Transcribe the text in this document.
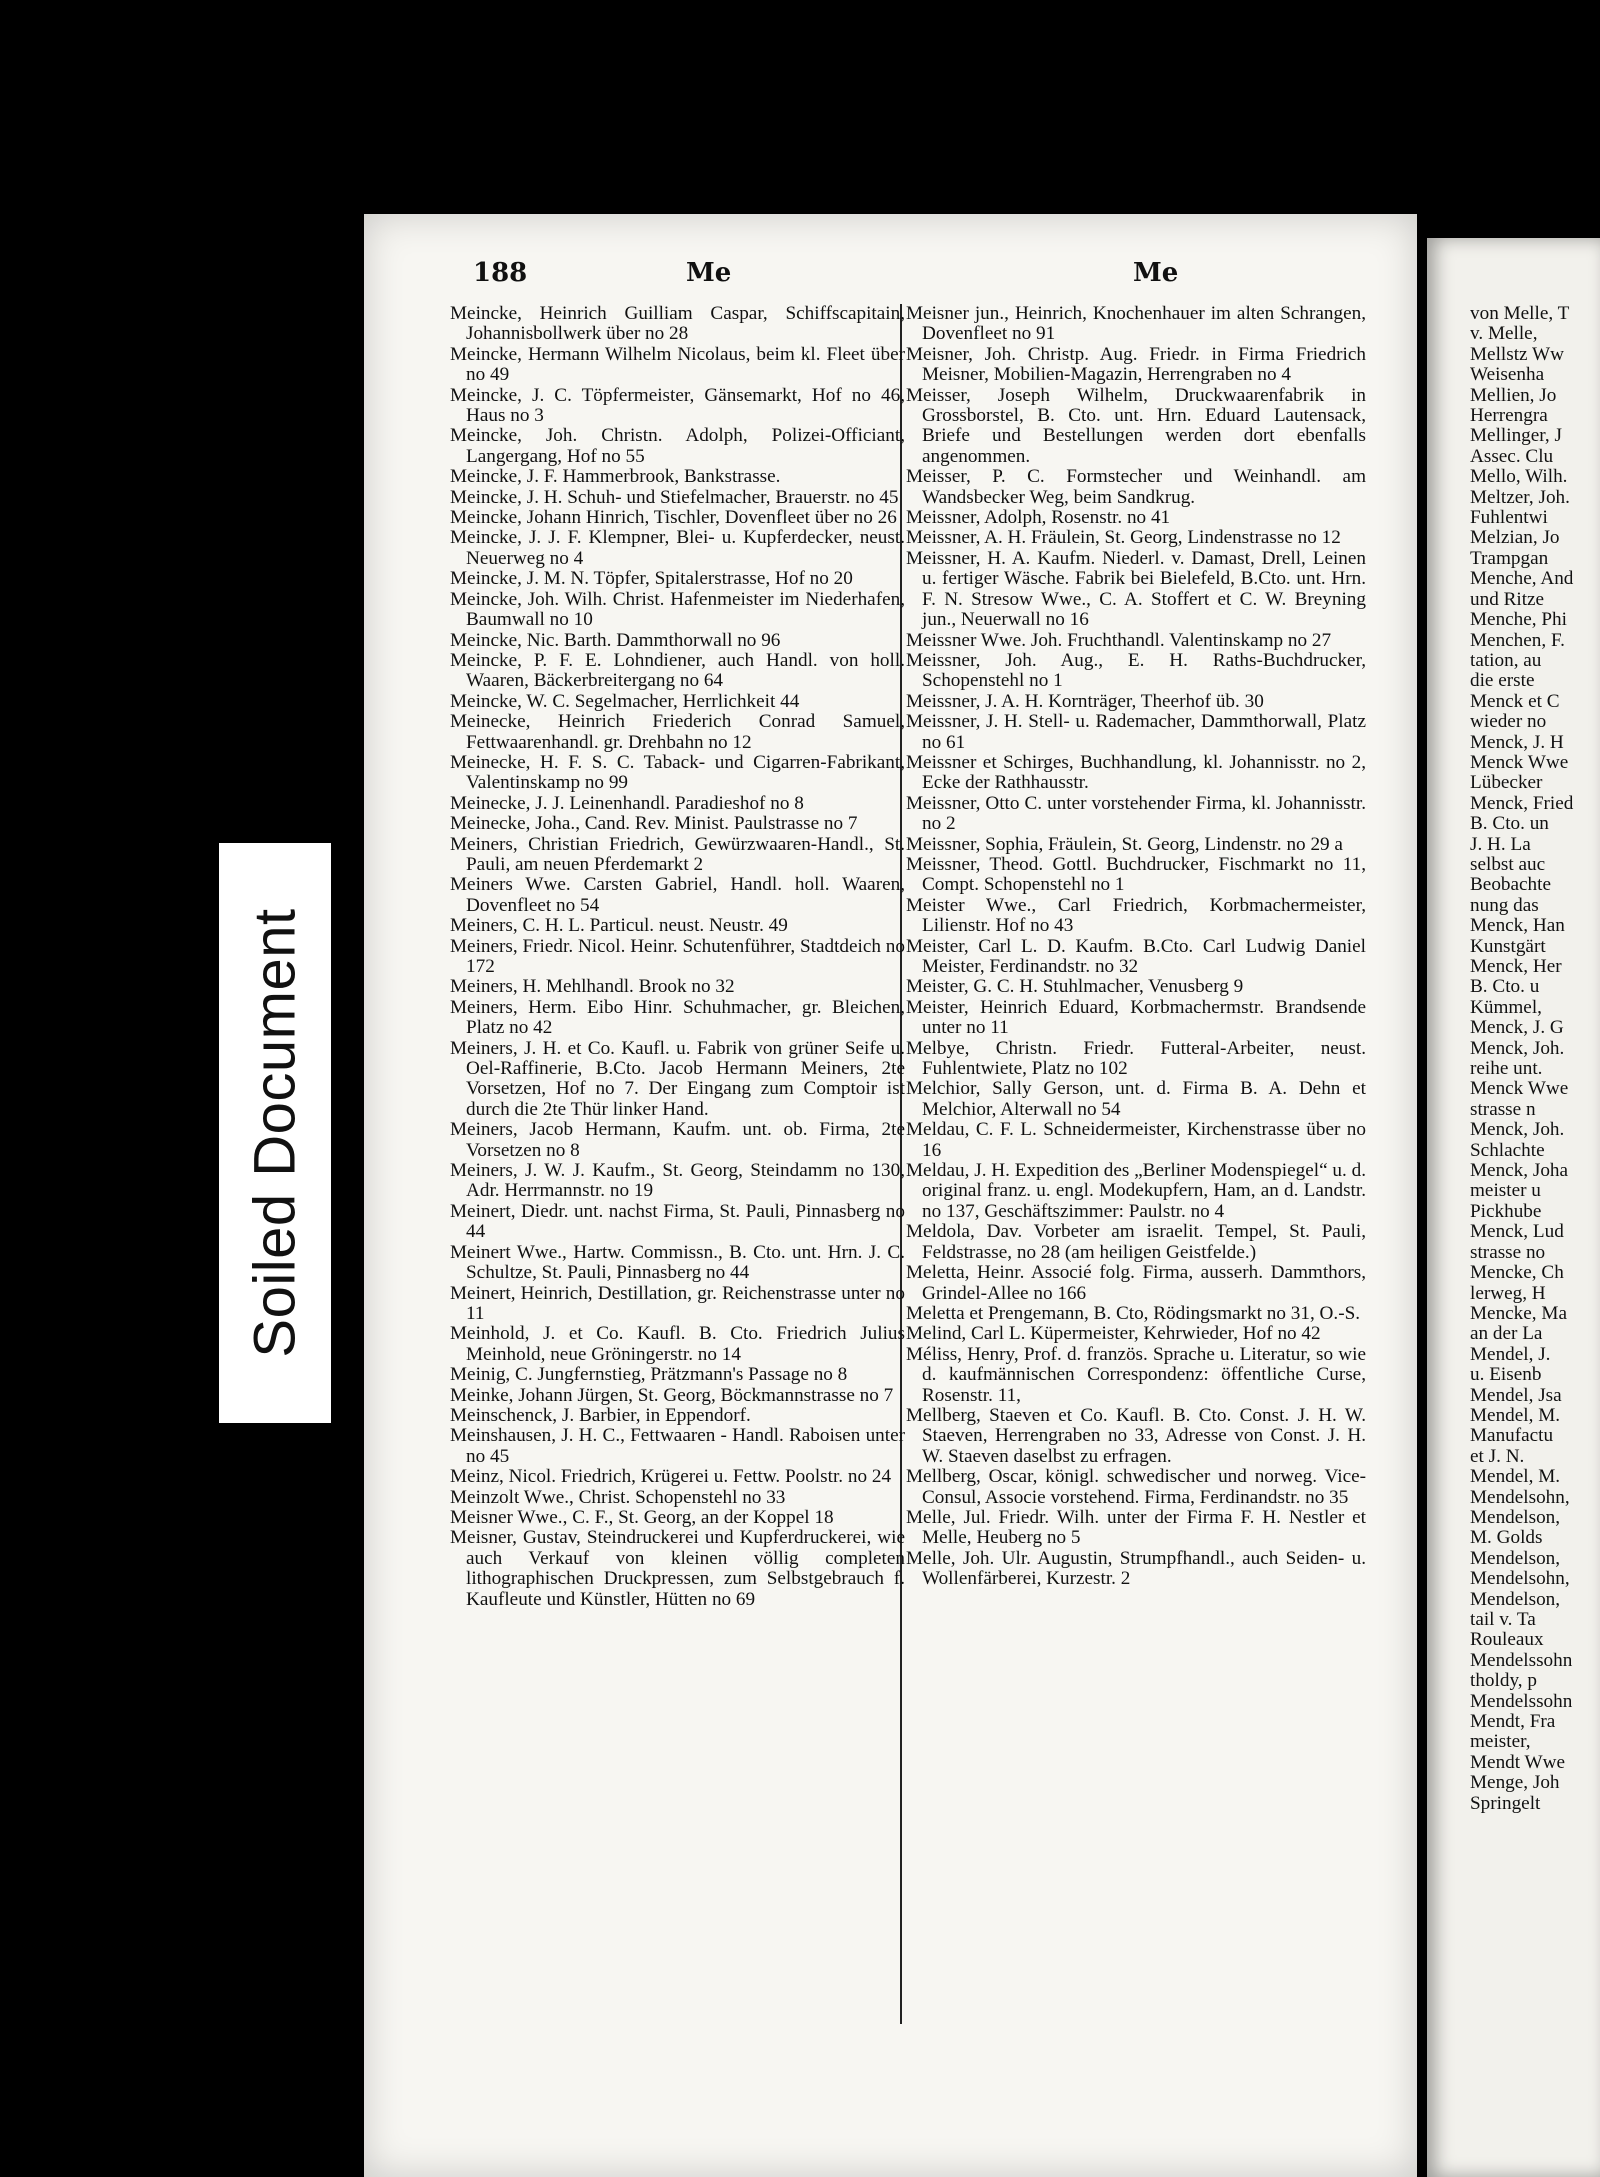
Soiled Document
188	Me	Me

Meincke, Heinrich Guilliam Caspar, Schiffscapitain, Johannisbollwerk über no 28

Meincke, Hermann Wilhelm Nicolaus, beim kl. Fleet über no 49

Meincke, J. C. Töpfermeister, Gänsemarkt, Hof no 46, Haus no 3

Meincke, Joh. Christn. Adolph, Polizei-Officiant, Langergang, Hof no 55

Meincke, J. F. Hammerbrook, Bankstrasse.

Meincke, J. H. Schuh- und Stiefelmacher, Brauerstr. no 45

Meincke, Johann Hinrich, Tischler, Dovenfleet über no 26

Meincke, J. J. F. Klempner, Blei- u. Kupferdecker, neust. Neuerweg no 4

Meincke, J. M. N. Töpfer, Spitalerstrasse, Hof no 20

Meincke, Joh. Wilh. Christ. Hafenmeister im Niederhafen, Baumwall no 10

Meincke, Nic. Barth. Dammthorwall no 96

Meincke, P. F. E. Lohndiener, auch Handl. von holl. Waaren, Bäckerbreitergang no 64

Meincke, W. C. Segelmacher, Herrlichkeit 44

Meinecke, Heinrich Friederich Conrad Samuel, Fettwaarenhandl. gr. Drehbahn no 12

Meinecke, H. F. S. C. Taback- und Cigarren-Fabrikant, Valentinskamp no 99

Meinecke, J. J. Leinenhandl. Paradieshof no 8

Meinecke, Joha., Cand. Rev. Minist. Paulstrasse no 7

Meiners, Christian Friedrich, Gewürzwaaren-Handl., St. Pauli, am neuen Pferdemarkt 2

Meiners Wwe. Carsten Gabriel, Handl. holl. Waaren, Dovenfleet no 54

Meiners, C. H. L. Particul. neust. Neustr. 49

Meiners, Friedr. Nicol. Heinr. Schutenführer, Stadtdeich no 172

Meiners, H. Mehlhandl. Brook no 32

Meiners, Herm. Eibo Hinr. Schuhmacher, gr. Bleichen, Platz no 42

Meiners, J. H. et Co. Kaufl. u. Fabrik von grüner Seife u. Oel-Raffinerie, B.Cto. Jacob Hermann Meiners, 2te Vorsetzen, Hof no 7. Der Eingang zum Comptoir ist durch die 2te Thür linker Hand.

Meiners, Jacob Hermann, Kaufm. unt. ob. Firma, 2te Vorsetzen no 8

Meiners, J. W. J. Kaufm., St. Georg, Steindamm no 130, Adr. Herrmannstr. no 19

Meinert, Diedr. unt. nachst Firma, St. Pauli, Pinnasberg no 44

Meinert Wwe., Hartw. Commissn., B. Cto. unt. Hrn. J. C. Schultze, St. Pauli, Pinnasberg no 44

Meinert, Heinrich, Destillation, gr. Reichenstrasse unter no 11

Meinhold, J. et Co. Kaufl. B. Cto. Friedrich Julius Meinhold, neue Gröningerstr. no 14

Meinig, C. Jungfernstieg, Prätzmann's Passage no 8

Meinke, Johann Jürgen, St. Georg, Böckmannstrasse no 7

Meinschenck, J. Barbier, in Eppendorf.

Meinshausen, J. H. C., Fettwaaren - Handl. Raboisen unter no 45

Meinz, Nicol. Friedrich, Krügerei u. Fettw. Poolstr. no 24

Meinzolt Wwe., Christ. Schopenstehl no 33

Meisner Wwe., C. F., St. Georg, an der Koppel 18

Meisner, Gustav, Steindruckerei und Kupferdruckerei, wie auch Verkauf von kleinen völlig completen lithographischen Druckpressen, zum Selbstgebrauch f. Kaufleute und Künstler, Hütten no 69

Meisner jun., Heinrich, Knochenhauer im alten Schrangen, Dovenfleet no 91

Meisner, Joh. Christp. Aug. Friedr. in Firma Friedrich Meisner, Mobilien-Magazin, Herrengraben no 4

Meisser, Joseph Wilhelm, Druckwaarenfabrik in Grossborstel, B. Cto. unt. Hrn. Eduard Lautensack, Briefe und Bestellungen werden dort ebenfalls angenommen.

Meisser, P. C. Formstecher und Weinhandl. am Wandsbecker Weg, beim Sandkrug.

Meissner, Adolph, Rosenstr. no 41

Meissner, A. H. Fräulein, St. Georg, Lindenstrasse no 12

Meissner, H. A. Kaufm. Niederl. v. Damast, Drell, Leinen u. fertiger Wäsche. Fabrik bei Bielefeld, B.Cto. unt. Hrn. F. N. Stresow Wwe., C. A. Stoffert et C. W. Breyning jun., Neuerwall no 16

Meissner Wwe. Joh. Fruchthandl. Valentinskamp no 27

Meissner, Joh. Aug., E. H. Raths-Buchdrucker, Schopenstehl no 1

Meissner, J. A. H. Kornträger, Theerhof üb. 30

Meissner, J. H. Stell- u. Rademacher, Dammthorwall, Platz no 61

Meissner et Schirges, Buchhandlung, kl. Johannisstr. no 2, Ecke der Rathhausstr.

Meissner, Otto C. unter vorstehender Firma, kl. Johannisstr. no 2

Meissner, Sophia, Fräulein, St. Georg, Lindenstr. no 29 a

Meissner, Theod. Gottl. Buchdrucker, Fischmarkt no 11, Compt. Schopenstehl no 1

Meister Wwe., Carl Friedrich, Korbmachermeister, Lilienstr. Hof no 43

Meister, Carl L. D. Kaufm. B.Cto. Carl Ludwig Daniel Meister, Ferdinandstr. no 32

Meister, G. C. H. Stuhlmacher, Venusberg 9

Meister, Heinrich Eduard, Korbmachermstr. Brandsende unter no 11

Melbye, Christn. Friedr. Futteral-Arbeiter, neust. Fuhlentwiete, Platz no 102

Melchior, Sally Gerson, unt. d. Firma B. A. Dehn et Melchior, Alterwall no 54

Meldau, C. F. L. Schneidermeister, Kirchenstrasse über no 16

Meldau, J. H. Expedition des „Berliner Modenspiegel“ u. d. original franz. u. engl. Modekupfern, Ham, an d. Landstr. no 137, Geschäftszimmer: Paulstr. no 4

Meldola, Dav. Vorbeter am israelit. Tempel, St. Pauli, Feldstrasse, no 28 (am heiligen Geistfelde.)

Meletta, Heinr. Associé folg. Firma, ausserh. Dammthors, Grindel-Allee no 166

Meletta et Prengemann, B. Cto, Rödingsmarkt no 31, O.-S.

Melind, Carl L. Küpermeister, Kehrwieder, Hof no 42

Méliss, Henry, Prof. d. französ. Sprache u. Literatur, so wie d. kaufmännischen Correspondenz: öffentliche Curse, Rosenstr. 11,

Mellberg, Staeven et Co. Kaufl. B. Cto. Const. J. H. W. Staeven, Herrengraben no 33, Adresse von Const. J. H. W. Staeven daselbst zu erfragen.

Mellberg, Oscar, königl. schwedischer und norweg. Vice-Consul, Associe vorstehend. Firma, Ferdinandstr. no 35

Melle, Jul. Friedr. Wilh. unter der Firma F. H. Nestler et Melle, Heuberg no 5

Melle, Joh. Ulr. Augustin, Strumpfhandl., auch Seiden- u. Wollenfärberei, Kurzestr. 2

von Melle, T

v. Melle,

Mellstz Ww

Weisenha

Mellien, Jo

Herrengra

Mellinger, J

Assec. Clu

Mello, Wilh.

Meltzer, Joh.

Fuhlentwi

Melzian, Jo

Trampgan

Menche, And

und Ritze

Menche, Phi

Menchen, F.

tation, au

die erste

Menck et C

wieder no

Menck, J. H

Menck Wwe

Lübecker

Menck, Fried

B. Cto. un

J. H. La

selbst auc

Beobachte

nung das

Menck, Han

Kunstgärt

Menck, Her

B. Cto. u

Kümmel,

Menck, J. G

Menck, Joh.

reihe unt.

Menck Wwe

strasse n

Menck, Joh.

Schlachte

Menck, Joha

meister u

Pickhube

Menck, Lud

strasse no

Mencke, Ch

lerweg, H

Mencke, Ma

an der La

Mendel, J.

u. Eisenb

Mendel, Jsa

Mendel, M.

Manufactu

et J. N.

Mendel, M.

Mendelsohn,

Mendelson,

M. Golds

Mendelson,

Mendelsohn,

Mendelson,

tail v. Ta

Rouleaux

Mendelssohn

tholdy, p

Mendelssohn

Mendt, Fra

meister,

Mendt Wwe

Menge, Joh

Springelt
